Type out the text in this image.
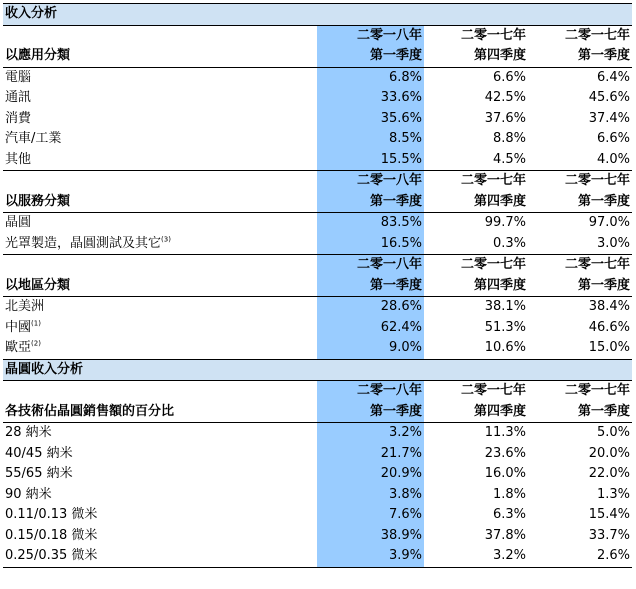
收入分析			
	二零一八年	二零一七年	二零一七年
以應用分類	第一季度	第四季度	第一季度
電腦	6.8%	6.6%	6.4%
通訊	33.6%	42.5%	45.6%
消費	35.6%	37.6%	37.4%
汽車/工業	8.5%	8.8%	6.6%
其他	15.5%	4.5%	4.0%
	二零一八年	二零一七年	二零一七年
以服務分類	第一季度	第四季度	第一季度
晶圓	83.5%	99.7%	97.0%
光罩製造，晶圓測試及其它$^{(3)}$	16.5%	0.3%	3.0%
	二零一八年	二零一七年	二零一七年
以地區分類	第一季度	第四季度	第一季度
北美洲	28.6%	38.1%	38.4%
中國$^{(1)}$	62.4%	51.3%	46.6%
歐亞$^{(2)}$	9.0%	10.6%	15.0%
晶圓收入分析			
	二零一八年	二零一七年	二零一七年
各技術佔晶圓銷售額的百分比	第一季度	第四季度	第一季度
28 納米	3.2%	11.3%	5.0%
40/45 納米	21.7%	23.6%	20.0%
55/65 納米	20.9%	16.0%	22.0%
90 納米	3.8%	1.8%	1.3%
0.11/0.13 微米	7.6%	6.3%	15.4%
0.15/0.18 微米	38.9%	37.8%	33.7%
0.25/0.35 微米	3.9%	3.2%	2.6%
